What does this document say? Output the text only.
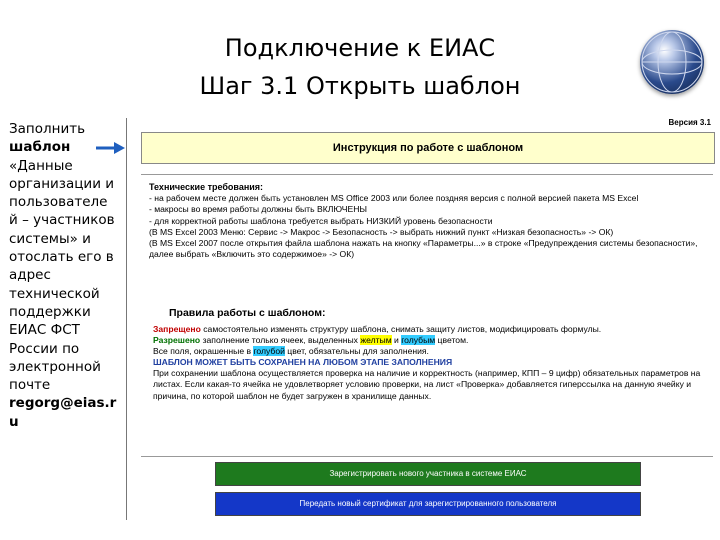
Подключение к ЕИАС
Шаг 3.1 Открыть шаблон
Заполнить шаблон «Данные организации и пользователе й – участников системы» и отослать его в адрес технической поддержки ЕИАС ФСТ России по электронной почте regorg@eias.r u
Версия 3.1
Инструкция по работе с шаблоном
Технические требования:
- на рабочем месте должен быть установлен MS Office 2003 или более поздняя версия с полной версией пакета MS Excel
- макросы во время работы должны быть ВКЛЮЧЕНЫ
- для корректной работы шаблона требуется выбрать НИЗКИЙ уровень безопасности
(В MS Excel 2003 Меню: Сервис -> Макрос -> Безопасность -> выбрать нижний пункт «Низкая безопасность» -> ОК)
(В MS Excel 2007 после открытия файла шаблона нажать на кнопку «Параметры...» в строке «Предупреждения системы безопасности», далее выбрать «Включить это содержимое» -> ОК)
Правила работы с шаблоном:
Запрещено самостоятельно изменять структуру шаблона, снимать защиту листов, модифицировать формулы.
Разрешено заполнение только ячеек, выделенных желтым и голубым цветом.
Все поля, окрашенные в голубой цвет, обязательны для заполнения.
ШАБЛОН МОЖЕТ БЫТЬ СОХРАНЕН НА ЛЮБОМ ЭТАПЕ ЗАПОЛНЕНИЯ
При сохранении шаблона осуществляется проверка на наличие и корректность (например, КПП – 9 цифр) обязательных параметров на листах. Если какая-то ячейка не удовлетворяет условию проверки, на лист «Проверка» добавляется гиперссылка на данную ячейку и причина, по которой шаблон не будет загружен в хранилище данных.
Зарегистрировать нового участника в системе ЕИАС
Передать новый сертификат для зарегистрированного пользователя
